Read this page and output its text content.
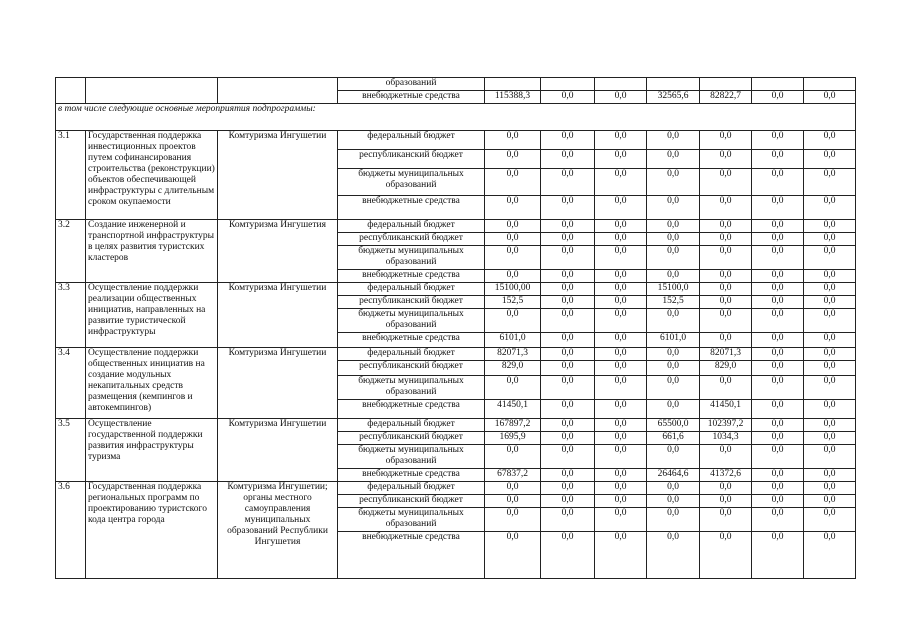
			образований							
			внебюджетные средства	115388,3	0,0	0,0	32565,6	82822,7	0,0	0,0
в том числе следующие основные мероприятия подпрограммы:										
3.1	Государственная поддержка инвестиционных проектов путем софинансирования строительства (реконструкции) объектов обеспечивающей инфраструктуры с длительным сроком окупаемости	Комтуризма Ингушетии	федеральный бюджет	0,0	0,0	0,0	0,0	0,0	0,0	0,0
			республиканский бюджет	0,0	0,0	0,0	0,0	0,0	0,0	0,0
			бюджеты муниципальных образований	0,0	0,0	0,0	0,0	0,0	0,0	0,0
			внебюджетные средства	0,0	0,0	0,0	0,0	0,0	0,0	0,0
3.2	Создание инженерной и транспортной инфраструктуры в целях развития туристских кластеров	Комтуризма Ингушетия	федеральный бюджет	0,0	0,0	0,0	0,0	0,0	0,0	0,0
			республиканский бюджет	0,0	0,0	0,0	0,0	0,0	0,0	0,0
			бюджеты муниципальных образований	0,0	0,0	0,0	0,0	0,0	0,0	0,0
			внебюджетные средства	0,0	0,0	0,0	0,0	0,0	0,0	0,0
3.3	Осуществление поддержки реализации общественных инициатив, направленных на развитие туристической инфраструктуры	Комтуризма Ингушетии	федеральный бюджет	15100,00	0,0	0,0	15100,0	0,0	0,0	0,0
			республиканский бюджет	152,5	0,0	0,0	152,5	0,0	0,0	0,0
			бюджеты муниципальных образований	0,0	0,0	0,0	0,0	0,0	0,0	0,0
			внебюджетные средства	6101,0	0,0	0,0	6101,0	0,0	0,0	0,0
3.4	Осуществление поддержки общественных инициатив на создание модульных некапитальных средств размещения (кемпингов и автокемпингов)	Комтуризма Ингушетии	федеральный бюджет	82071,3	0,0	0,0	0,0	82071,3	0,0	0,0
			республиканский бюджет	829,0	0,0	0,0	0,0	829,0	0,0	0,0
			бюджеты муниципальных образований	0,0	0,0	0,0	0,0	0,0	0,0	0,0
			внебюджетные средства	41450,1	0,0	0,0	0,0	41450,1	0,0	0,0
3.5	Осуществление государственной поддержки развития инфраструктуры туризма	Комтуризма Ингушетии	федеральный бюджет	167897,2	0,0	0,0	65500,0	102397,2	0,0	0,0
			республиканский бюджет	1695,9	0,0	0,0	661,6	1034,3	0,0	0,0
			бюджеты муниципальных образований	0,0	0,0	0,0	0,0	0,0	0,0	0,0
			внебюджетные средства	67837,2	0,0	0,0	26464,6	41372,6	0,0	0,0
3.6	Государственная поддержка региональных программ по проектированию туристского кода центра города	Комтуризма Ингушетии; органы местного самоуправления муниципальных образований Республики Ингушетия	федеральный бюджет	0,0	0,0	0,0	0,0	0,0	0,0	0,0
			республиканский бюджет	0,0	0,0	0,0	0,0	0,0	0,0	0,0
			бюджеты муниципальных образований	0,0	0,0	0,0	0,0	0,0	0,0	0,0
			внебюджетные средства	0,0	0,0	0,0	0,0	0,0	0,0	0,0
